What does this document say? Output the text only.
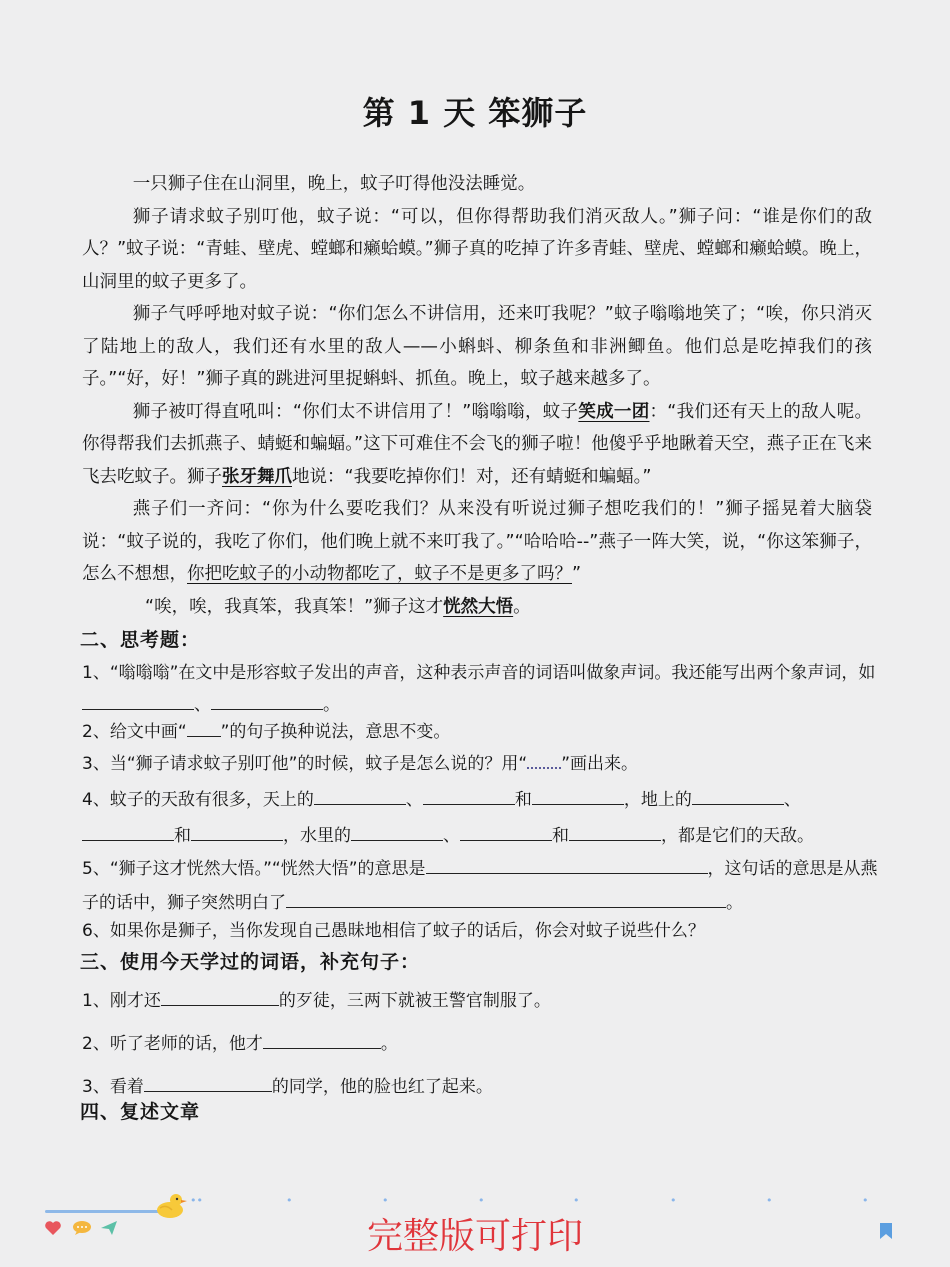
第 1 天 笨狮子

一只狮子住在山洞里，晚上，蚊子叮得他没法睡觉。

狮子请求蚊子别叮他，蚊子说：“可以，但你得帮助我们消灭敌人。”狮子问：“谁是你们的敌人？”蚊子说：“青蛙、壁虎、螳螂和癞蛤蟆。”狮子真的吃掉了许多青蛙、壁虎、螳螂和癞蛤蟆。晚上，山洞里的蚊子更多了。

狮子气呼呼地对蚊子说：“你们怎么不讲信用，还来叮我呢？”蚊子嗡嗡地笑了；“唉，你只消灭了陆地上的敌人，我们还有水里的敌人——小蝌蚪、柳条鱼和非洲鲫鱼。他们总是吃掉我们的孩子。”“好，好！”狮子真的跳进河里捉蝌蚪、抓鱼。晚上，蚊子越来越多了。

狮子被叮得直吼叫：“你们太不讲信用了！”嗡嗡嗡，蚊子笑成一团：“我们还有天上的敌人呢。你得帮我们去抓燕子、蜻蜓和蝙蝠。”这下可难住不会飞的狮子啦！他傻乎乎地瞅着天空，燕子正在飞来飞去吃蚊子。狮子张牙舞爪地说：“我要吃掉你们！对，还有蜻蜓和蝙蝠。”

燕子们一齐问：“你为什么要吃我们？从来没有听说过狮子想吃我们的！”狮子摇晃着大脑袋说：“蚊子说的，我吃了你们，他们晚上就不来叮我了。”“哈哈哈--”燕子一阵大笑，说，“你这笨狮子，怎么不想想，你把吃蚊子的小动物都吃了，蚊子不是更多了吗？”

“唉，唉，我真笨，我真笨！”狮子这才恍然大悟。

二、思考题：
1、“嗡嗡嗡”在文中是形容蚊子发出的声音，这种表示声音的词语叫做象声词。我还能写出两个象声词，如、	。
2、给文中画“ ”的句子换种说法，意思不变。
3、当“狮子请求蚊子别叮他”的时候，蚊子是怎么说的？用“ ”画出来。
4、蚊子的天敌有很多，天上的	、	和	，地上的	、
和	，水里的	、	和	，都是它们的天敌。
5、“狮子这才恍然大悟。”“恍然大悟”的意思是	，这句话的意思是从燕子的话中，狮子突然明白了	。
6、如果你是狮子，当你发现自己愚昧地相信了蚊子的话后，你会对蚊子说些什么？
三、使用今天学过的词语，补充句子：
1、刚才还	的歹徒，三两下就被王警官制服了。
2、听了老师的话，他才	。
3、看着	的同学，他的脸也红了起来。
四、复述文章
••	•	•	•	•	•	•	•
完整版可打印
